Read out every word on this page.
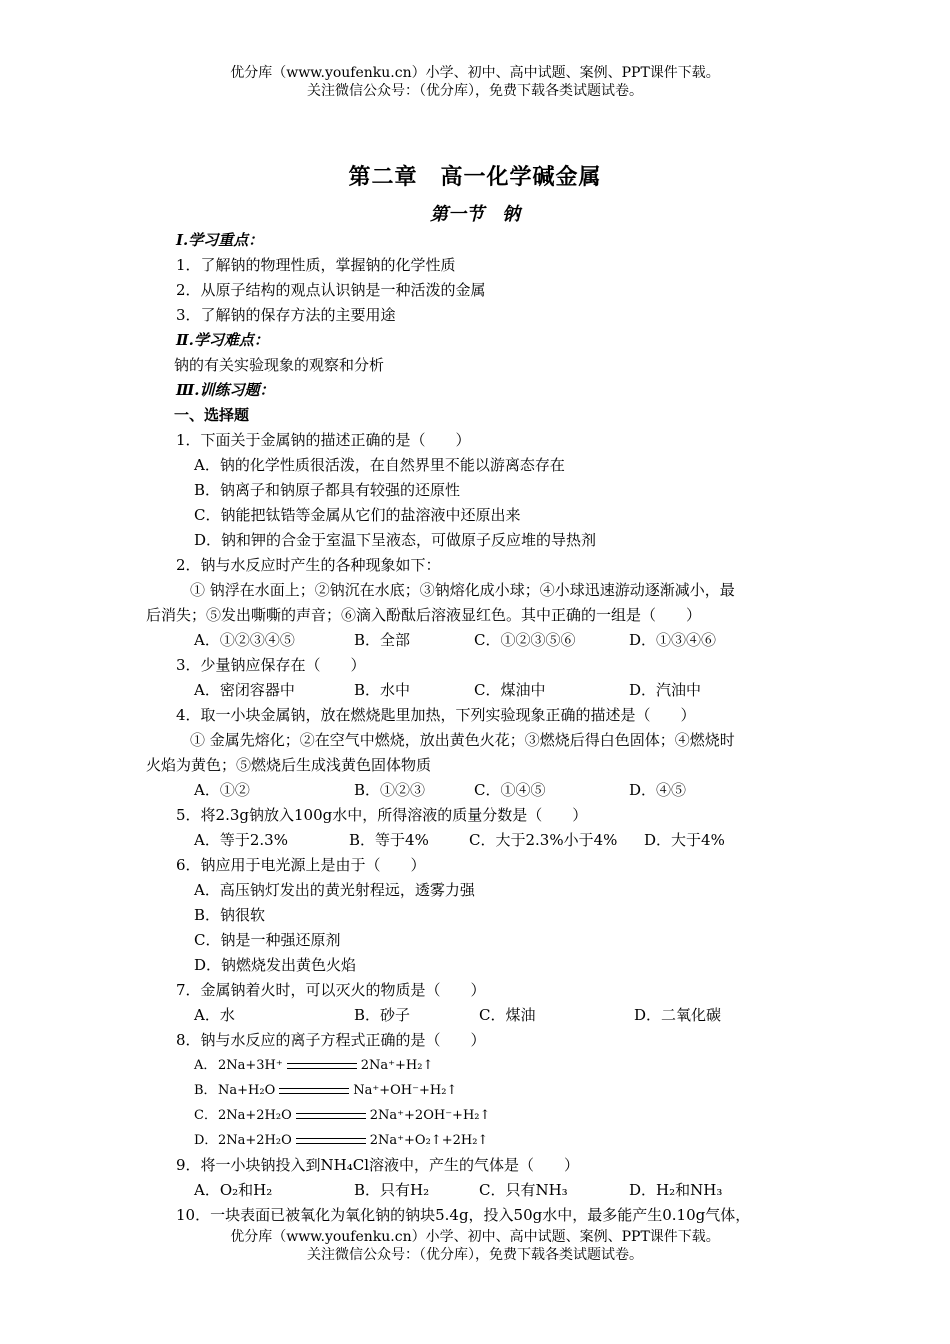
优分库（www.youfenku.cn）小学、初中、高中试题、案例、PPT课件下载。
关注微信公众号：（优分库），免费下载各类试题试卷。
第二章　高一化学碱金属
第一节　钠
Ⅰ.学习重点：
1．了解钠的物理性质，掌握钠的化学性质
2．从原子结构的观点认识钠是一种活泼的金属
3．了解钠的保存方法的主要用途
Ⅱ.学习难点：
钠的有关实验现象的观察和分析
Ⅲ.训练习题：
一、选择题
1．下面关于金属钠的描述正确的是（　　）
A．钠的化学性质很活泼，在自然界里不能以游离态存在
B．钠离子和钠原子都具有较强的还原性
C．钠能把钛锆等金属从它们的盐溶液中还原出来
D．钠和钾的合金于室温下呈液态，可做原子反应堆的导热剂
2．钠与水反应时产生的各种现象如下：
① 钠浮在水面上；②钠沉在水底；③钠熔化成小球；④小球迅速游动逐渐减小，最
后消失；⑤发出嘶嘶的声音；⑥滴入酚酞后溶液显红色。其中正确的一组是（　　）
A．①②③④⑤	B．全部	C．①②③⑤⑥	D．①③④⑥
3．少量钠应保存在（　　）
A．密闭容器中	B．水中	C．煤油中	D．汽油中
4．取一小块金属钠，放在燃烧匙里加热，下列实验现象正确的描述是（　　）
① 金属先熔化；②在空气中燃烧，放出黄色火花；③燃烧后得白色固体；④燃烧时
火焰为黄色；⑤燃烧后生成浅黄色固体物质
A．①②	B．①②③	C．①④⑤	D．④⑤
5．将2.3g钠放入100g水中，所得溶液的质量分数是（　　）
A．等于2.3%	B．等于4%	C．大于2.3%小于4%	D．大于4%
6．钠应用于电光源上是由于（　　）
A．高压钠灯发出的黄光射程远，透雾力强
B．钠很软
C．钠是一种强还原剂
D．钠燃烧发出黄色火焰
7．金属钠着火时，可以灭火的物质是（　　）
A．水	B．砂子	C．煤油	D．二氧化碳
8．钠与水反应的离子方程式正确的是（　　）
A． 2Na+3H⁺	2Na⁺+H₂↑
B． Na+H₂O	Na⁺+OH⁻+H₂↑
C． 2Na+2H₂O	2Na⁺+2OH⁻+H₂↑
D． 2Na+2H₂O	2Na⁺+O₂↑+2H₂↑
9．将一小块钠投入到NH₄Cl溶液中，产生的气体是（　　）
A．O₂和H₂	B．只有H₂	C．只有NH₃	D．H₂和NH₃
10．一块表面已被氧化为氧化钠的钠块5.4g，投入50g水中，最多能产生0.10g气体，
优分库（www.youfenku.cn）小学、初中、高中试题、案例、PPT课件下载。
关注微信公众号：（优分库），免费下载各类试题试卷。
